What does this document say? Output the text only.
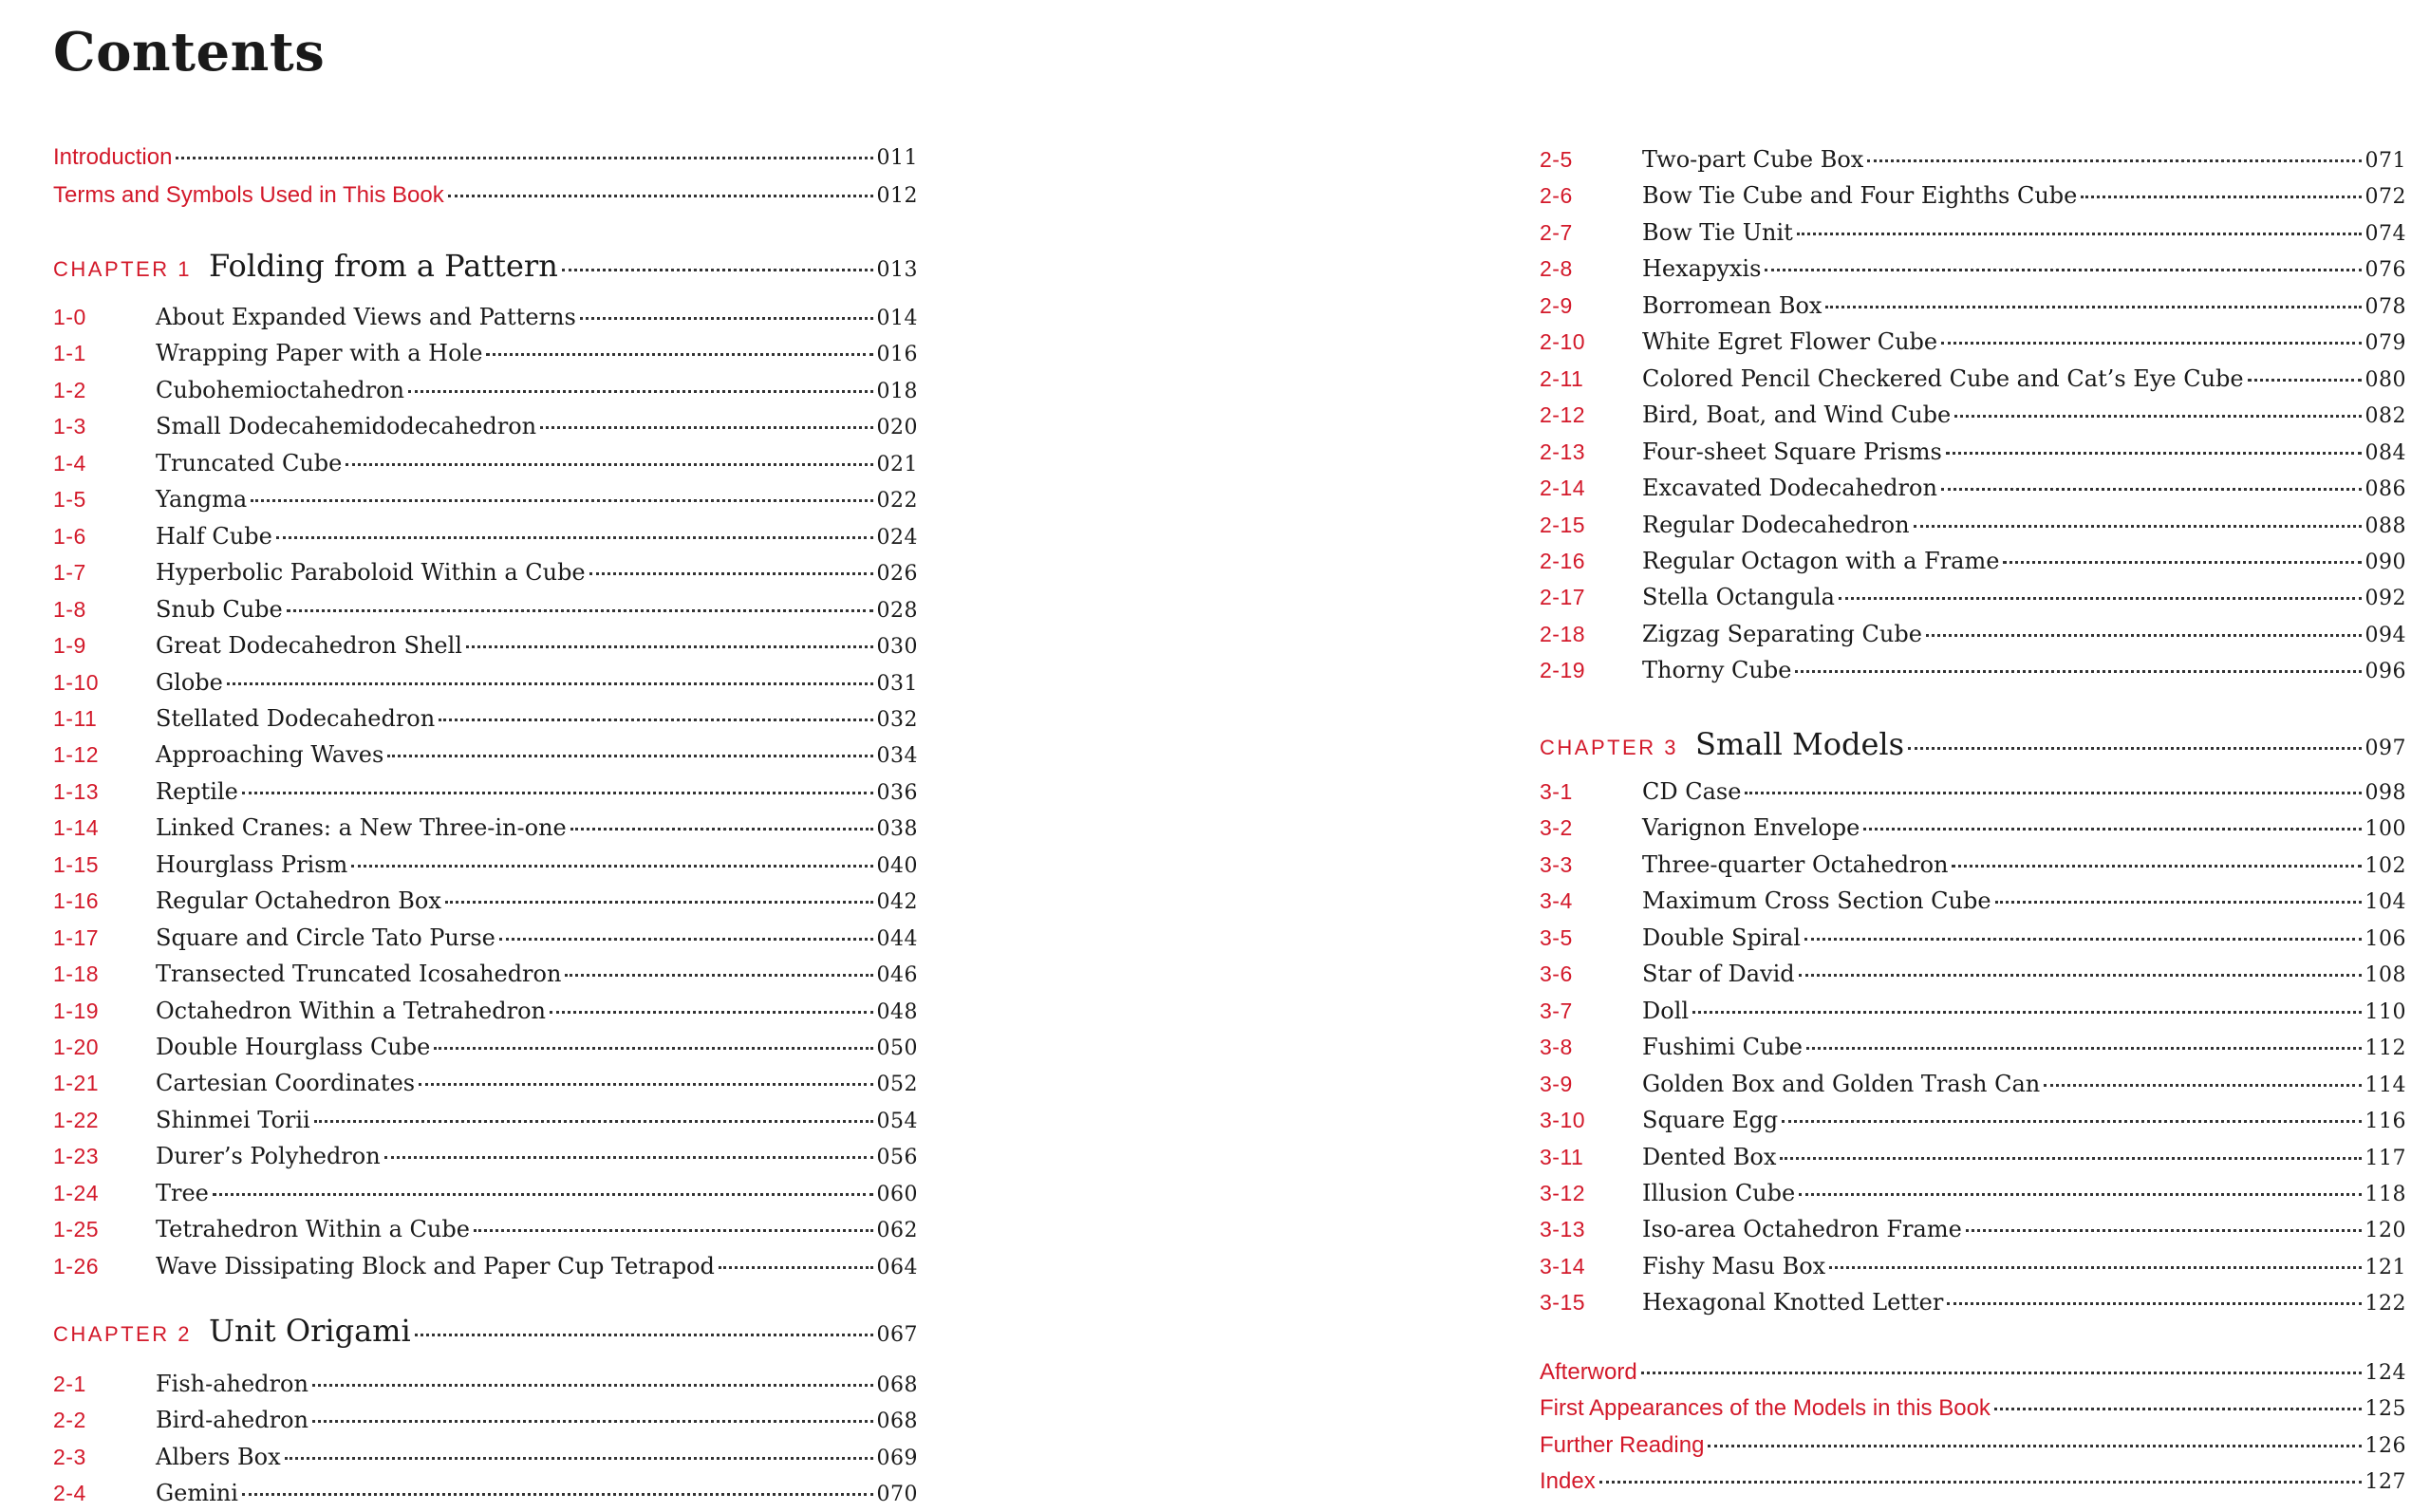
Contents
Introduction	011
Terms and Symbols Used in This Book	012
CHAPTER 1 Folding from a Pattern	013
1-0	About Expanded Views and Patterns	014
1-1	Wrapping Paper with a Hole	016
1-2	Cubohemioctahedron	018
1-3	Small Dodecahemidodecahedron	020
1-4	Truncated Cube	021
1-5	Yangma	022
1-6	Half Cube	024
1-7	Hyperbolic Paraboloid Within a Cube	026
1-8	Snub Cube	028
1-9	Great Dodecahedron Shell	030
1-10	Globe	031
1-11	Stellated Dodecahedron	032
1-12	Approaching Waves	034
1-13	Reptile	036
1-14	Linked Cranes: a New Three-in-one	038
1-15	Hourglass Prism	040
1-16	Regular Octahedron Box	042
1-17	Square and Circle Tato Purse	044
1-18	Transected Truncated Icosahedron	046
1-19	Octahedron Within a Tetrahedron	048
1-20	Double Hourglass Cube	050
1-21	Cartesian Coordinates	052
1-22	Shinmei Torii	054
1-23	Durer’s Polyhedron	056
1-24	Tree	060
1-25	Tetrahedron Within a Cube	062
1-26	Wave Dissipating Block and Paper Cup Tetrapod	064
CHAPTER 2 Unit Origami	067
2-1	Fish-ahedron	068
2-2	Bird-ahedron	068
2-3	Albers Box	069
2-4	Gemini	070
2-5	Two-part Cube Box	071
2-6	Bow Tie Cube and Four Eighths Cube	072
2-7	Bow Tie Unit	074
2-8	Hexapyxis	076
2-9	Borromean Box	078
2-10	White Egret Flower Cube	079
2-11	Colored Pencil Checkered Cube and Cat’s Eye Cube	080
2-12	Bird, Boat, and Wind Cube	082
2-13	Four-sheet Square Prisms	084
2-14	Excavated Dodecahedron	086
2-15	Regular Dodecahedron	088
2-16	Regular Octagon with a Frame	090
2-17	Stella Octangula	092
2-18	Zigzag Separating Cube	094
2-19	Thorny Cube	096
CHAPTER 3 Small Models	097
3-1	CD Case	098
3-2	Varignon Envelope	100
3-3	Three-quarter Octahedron	102
3-4	Maximum Cross Section Cube	104
3-5	Double Spiral	106
3-6	Star of David	108
3-7	Doll	110
3-8	Fushimi Cube	112
3-9	Golden Box and Golden Trash Can	114
3-10	Square Egg	116
3-11	Dented Box	117
3-12	Illusion Cube	118
3-13	Iso-area Octahedron Frame	120
3-14	Fishy Masu Box	121
3-15	Hexagonal Knotted Letter	122
Afterword	124
First Appearances of the Models in this Book	125
Further Reading	126
Index	127
